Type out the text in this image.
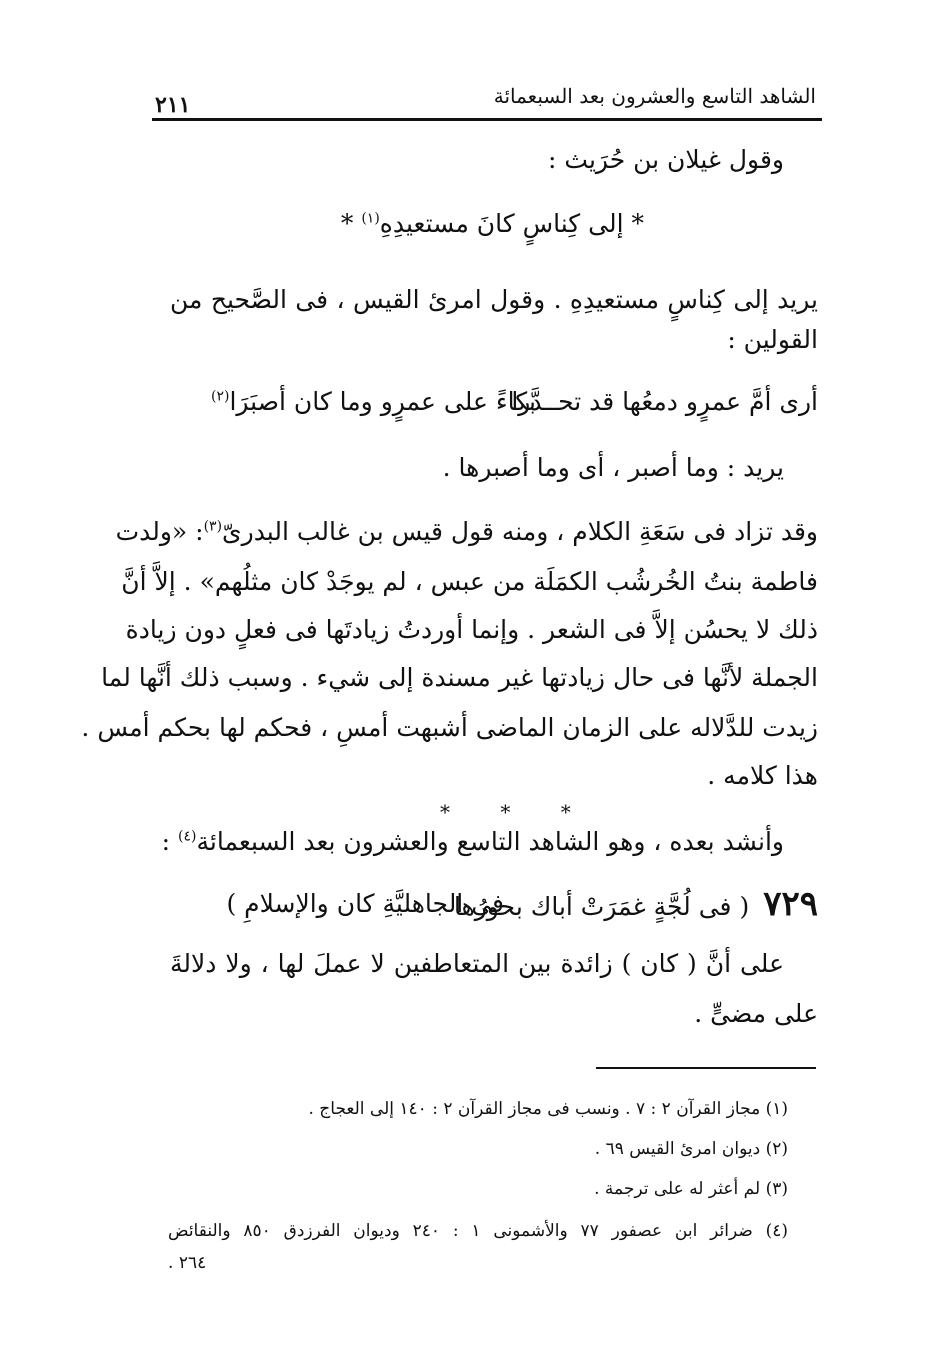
الشاهد التاسع والعشرون بعد السبعمائة
٢١١
وقول غيلان بن حُرَيث :
* إلى كِناسٍ كانَ مستعيدِهِ$^{(١)}$ *
يريد إلى كِناسٍ مستعيدِهِ . وقول امرئ القيس ، فى الصَّحيح من
القولين :
أرى أمَّ عمرٍو دمعُها قد تحــدَّرا
بكاءً على عمرٍو وما كان أصبَرَا$^{(٢)}$
يريد : وما أصبر ، أى وما أصبرها .
وقد تزاد فى سَعَةِ الكلام ، ومنه قول قيس بن غالب البدرىّ$^{(٣)}$: «ولدت
فاطمة بنتُ الخُرشُب الكمَلَة من عبس ، لم يوجَدْ كان مثلُهم» . إلاَّ أنَّ
ذلك لا يحسُن إلاَّ فى الشعر . وإنما أوردتُ زيادتَها فى فعلٍ دون زيادة
الجملة لأنَّها فى حال زيادتها غير مسندة إلى شيء . وسبب ذلك أنَّها لما
زيدت للدَّلاله على الزمان الماضى أشبهت أمسِ ، فحكم لها بحكم أمس .
هذا كلامه .
* * *
وأنشد بعده ، وهو الشاهد التاسع والعشرون بعد السبعمائة$^{(٤)}$ :
٧٢٩( فى لُجَّةٍ غمَرَتْ أباك بحورُها
فى الجاهليَّةِ كان والإسلامِ )
على أنَّ ( كان ) زائدة بين المتعاطفين لا عملَ لها ، ولا دلالةَ
على مضىٍّ .
(١) مجاز القرآن ٢ : ٧ . ونسب فى مجاز القرآن ٢ : ١٤٠ إلى العجاج .
(٢) ديوان امرئ القيس ٦٩ .
(٣) لم أعثر له على ترجمة .
(٤) ضرائر ابن عصفور ٧٧ والأشمونى ١ : ٢٤٠ وديوان الفرزدق ٨٥٠ والنقائض
٢٦٤ .
